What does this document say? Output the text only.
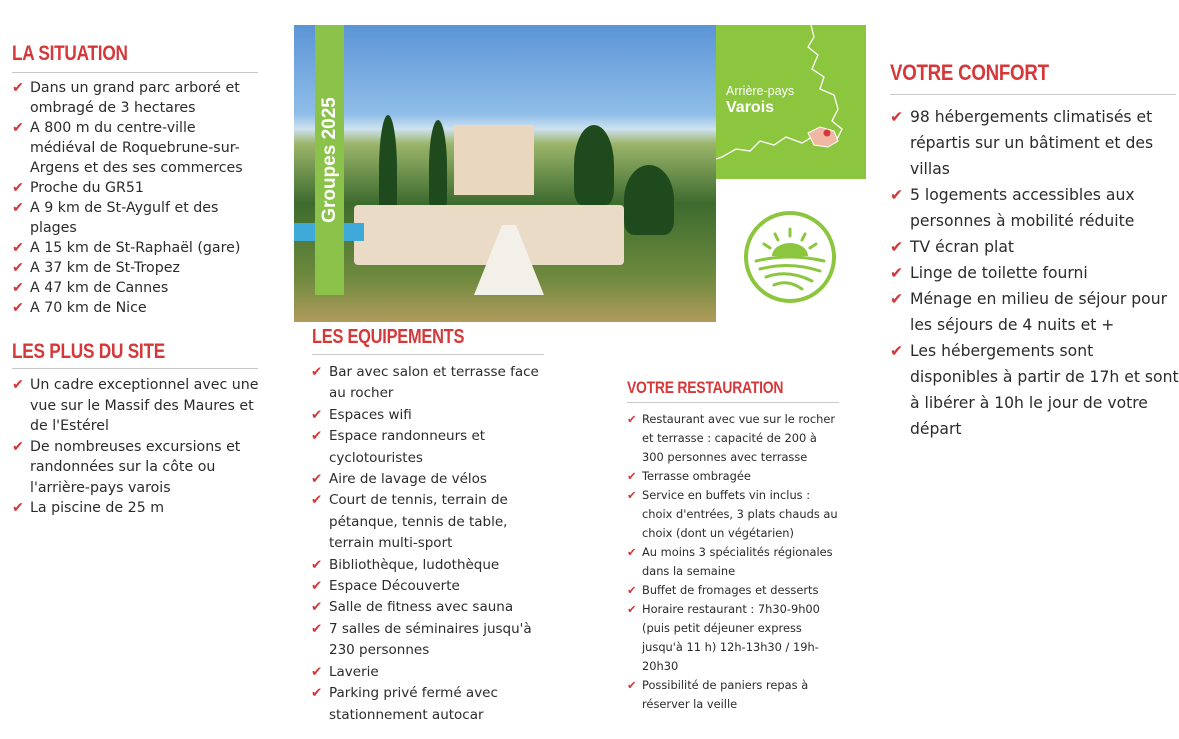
LA SITUATION
✔ Dans un grand parc arboré et ombragé de 3 hectares
✔ A 800 m du centre-ville médiéval de Roquebrune-sur-Argens et des ses commerces
✔ Proche du GR51
✔ A 9 km de St-Aygulf et des plages
✔ A 15 km de St-Raphaël (gare)
✔ A 37 km de St-Tropez
✔ A 47 km de Cannes
✔ A 70 km de Nice
LES PLUS DU SITE
✔ Un cadre exceptionnel avec une vue sur le Massif des Maures et de l'Estérel
✔ De nombreuses excursions et randonnées sur la côte ou l'arrière-pays varois
✔ La piscine de 25 m
Groupes 2025
Arrière-pays
Varois
LES EQUIPEMENTS
✔ Bar avec salon et terrasse face au rocher
✔ Espaces wifi
✔ Espace randonneurs et cyclotouristes
✔ Aire de lavage de vélos
✔ Court de tennis, terrain de pétanque, tennis de table, terrain multi-sport
✔ Bibliothèque, ludothèque
✔ Espace Découverte
✔ Salle de fitness avec sauna
✔ 7 salles de séminaires jusqu'à 230 personnes
✔ Laverie
✔ Parking privé fermé avec stationnement autocar
VOTRE RESTAURATION
✔ Restaurant avec vue sur le rocher et terrasse : capacité de 200 à 300 personnes avec terrasse
✔ Terrasse ombragée
✔ Service en buffets vin inclus : choix d'entrées, 3 plats chauds au choix (dont un végétarien)
✔ Au moins 3 spécialités régionales dans la semaine
✔ Buffet de fromages et desserts
✔ Horaire restaurant : 7h30-9h00 (puis petit déjeuner express jusqu'à 11 h) 12h-13h30 / 19h-20h30
✔ Possibilité de paniers repas à réserver la veille
VOTRE CONFORT
✔ 98 hébergements climatisés et répartis sur un bâtiment et des villas
✔ 5 logements accessibles aux personnes à mobilité réduite
✔ TV écran plat
✔ Linge de toilette fourni
✔ Ménage en milieu de séjour pour les séjours de 4 nuits et +
✔ Les hébergements sont disponibles à partir de 17h et sont à libérer à 10h le jour de votre départ
